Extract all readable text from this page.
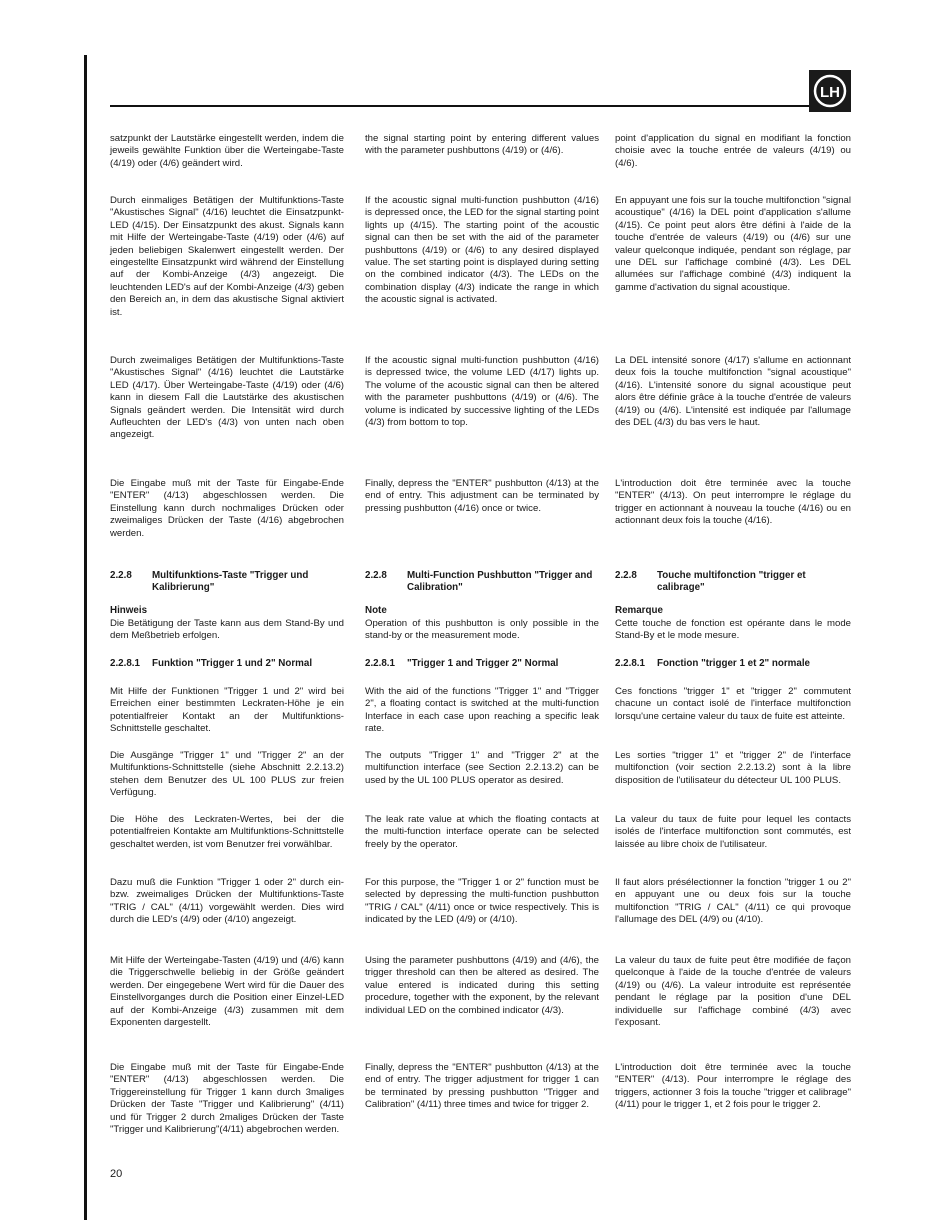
LH

satzpunkt der Lautstärke eingestellt werden, indem die jeweils gewählte Funktion über die Werteingabe-Taste (4/19) oder (4/6) geändert wird.

Durch einmaliges Betätigen der Multifunktions-Taste "Akustisches Signal" (4/16) leuchtet die Einsatzpunkt-LED (4/15). Der Einsatzpunkt des akust. Signals kann mit Hilfe der Werteingabe-Taste (4/19) oder (4/6) auf jeden beliebigen Skalenwert eingestellt werden. Der eingestellte Einsatzpunkt wird während der Einstellung auf der Kombi-Anzeige (4/3) angezeigt. Die leuchtenden LED's auf der Kombi-Anzeige (4/3) geben den Bereich an, in dem das akustische Signal aktiviert ist.

Durch zweimaliges Betätigen der Multifunktions-Taste "Akustisches Signal" (4/16) leuchtet die Lautstärke LED (4/17). Über Werteingabe-Taste (4/19) oder (4/6) kann in diesem Fall die Lautstärke des akustischen Signals geändert werden. Die Intensität wird durch Aufleuchten der LED's (4/3) von unten nach oben angezeigt.

Die Eingabe muß mit der Taste für Eingabe-Ende "ENTER" (4/13) abgeschlossen werden. Die Einstellung kann durch nochmaliges Drücken oder zweimaliges Drücken der Taste (4/16) abgebrochen werden.

2.2.8 Multifunktions-Taste "Trigger und Kalibrierung"

Hinweis

Die Betätigung der Taste kann aus dem Stand-By und dem Meßbetrieb erfolgen.

2.2.8.1 Funktion "Trigger 1 und 2" Normal

Mit Hilfe der Funktionen "Trigger 1 und 2" wird bei Erreichen einer bestimmten Leckraten-Höhe je ein potentialfreier Kontakt an der Multifunktions-Schnittstelle geschaltet.

Die Ausgänge "Trigger 1" und "Trigger 2" an der Multifunktions-Schnittstelle (siehe Abschnitt 2.2.13.2) stehen dem Benutzer des UL 100 PLUS zur freien Verfügung.

Die Höhe des Leckraten-Wertes, bei der die potentialfreien Kontakte am Multifunktions-Schnittstelle geschaltet werden, ist vom Benutzer frei vorwählbar.

Dazu muß die Funktion "Trigger 1 oder 2" durch ein- bzw. zweimaliges Drücken der Multifunktions-Taste "TRIG / CAL" (4/11) vorgewählt werden. Dies wird durch die LED's (4/9) oder (4/10) angezeigt.

Mit Hilfe der Werteingabe-Tasten (4/19) und (4/6) kann die Triggerschwelle beliebig in der Größe geändert werden. Der eingegebene Wert wird für die Dauer des Einstellvorganges durch die Position einer Einzel-LED auf der Kombi-Anzeige (4/3) zusammen mit dem Exponenten dargestellt.

Die Eingabe muß mit der Taste für Eingabe-Ende "ENTER" (4/13) abgeschlossen werden. Die Triggereinstellung für Trigger 1 kann durch 3maliges Drücken der Taste "Trigger und Kalibrierung" (4/11) und für Trigger 2 durch 2maliges Drücken der Taste "Trigger und Kalibrierung"(4/11) abgebrochen werden.

the signal starting point by entering different values with the parameter pushbuttons (4/19) or (4/6).

If the acoustic signal multi-function pushbutton (4/16) is depressed once, the LED for the signal starting point lights up (4/15). The starting point of the acoustic signal can then be set with the aid of the parameter pushbuttons (4/19) or (4/6) to any desired displayed value. The set starting point is displayed during setting on the combined indicator (4/3). The LEDs on the combination display (4/3) indicate the range in which the acoustic signal is activated.

If the acoustic signal multi-function pushbutton (4/16) is depressed twice, the volume LED (4/17) lights up. The volume of the acoustic signal can then be altered with the parameter pushbuttons (4/19) or (4/6). The volume is indicated by successive lighting of the LEDs (4/3) from bottom to top.

Finally, depress the "ENTER" pushbutton (4/13) at the end of entry. This adjustment can be terminated by pressing pushbutton (4/16) once or twice.

2.2.8 Multi-Function Pushbutton "Trigger and Calibration"

Note

Operation of this pushbutton is only possible in the stand-by or the measurement mode.

2.2.8.1 "Trigger 1 and Trigger 2" Normal

With the aid of the functions "Trigger 1" and "Trigger 2", a floating contact is switched at the multi-function Interface in each case upon reaching a specific leak rate.

The outputs "Trigger 1" and "Trigger 2" at the multifunction interface (see Section 2.2.13.2) can be used by the UL 100 PLUS operator as desired.

The leak rate value at which the floating contacts at the multi-function interface operate can be selected freely by the operator.

For this purpose, the "Trigger 1 or 2" function must be selected by depressing the multi-function pushbutton "TRIG / CAL" (4/11) once or twice respectively. This is indicated by the LED (4/9) or (4/10).

Using the parameter pushbuttons (4/19) and (4/6), the trigger threshold can then be altered as desired. The value entered is indicated during this setting procedure, together with the exponent, by the relevant individual LED on the combined indicator (4/3).

Finally, depress the "ENTER" pushbutton (4/13) at the end of entry. The trigger adjustment for trigger 1 can be terminated by pressing pushbutton "Trigger and Calibration" (4/11) three times and twice for trigger 2.

point d'application du signal en modifiant la fonction choisie avec la touche entrée de valeurs (4/19) ou (4/6).

En appuyant une fois sur la touche multifonction "signal acoustique" (4/16) la DEL point d'application s'allume (4/15). Ce point peut alors être défini à l'aide de la touche d'entrée de valeurs (4/19) ou (4/6) sur une valeur quelconque indiquée, pendant son réglage, par une DEL sur l'affichage combiné (4/3). Les DEL allumées sur l'affichage combiné (4/3) indiquent la gamme d'activation du signal acoustique.

La DEL intensité sonore (4/17) s'allume en actionnant deux fois la touche multifonction "signal acoustique" (4/16). L'intensité sonore du signal acoustique peut alors être définie grâce à la touche d'entrée de valeurs (4/19) ou (4/6). L'intensité est indiquée par l'allumage des DEL (4/3) du bas vers le haut.

L'introduction doit être terminée avec la touche "ENTER" (4/13). On peut interrompre le réglage du trigger en actionnant à nouveau la touche (4/16) ou en actionnant deux fois la touche (4/16).

2.2.8 Touche multifonction "trigger et calibrage"

Remarque

Cette touche de fonction est opérante dans le mode Stand-By et le mode mesure.

2.2.8.1 Fonction "trigger 1 et 2" normale

Ces fonctions "trigger 1" et "trigger 2" commutent chacune un contact isolé de l'interface multifonction lorsqu'une certaine valeur du taux de fuite est atteinte.

Les sorties "trigger 1" et "trigger 2" de l'interface multifonction (voir section 2.2.13.2) sont à la libre disposition de l'utilisateur du détecteur UL 100 PLUS.

La valeur du taux de fuite pour lequel les contacts isolés de l'interface multifonction sont commutés, est laissée au libre choix de l'utilisateur.

Il faut alors présélectionner la fonction "trigger 1 ou 2" en appuyant une ou deux fois sur la touche multifonction "TRIG / CAL" (4/11) ce qui provoque l'allumage des DEL (4/9) ou (4/10).

La valeur du taux de fuite peut être modifiée de façon quelconque à l'aide de la touche d'entrée de valeurs (4/19) ou (4/6). La valeur introduite est représentée pendant le réglage par la position d'une DEL individuelle sur l'affichage combiné (4/3) avec l'exposant.

L'introduction doit être terminée avec la touche "ENTER" (4/13). Pour interrompre le réglage des triggers, actionner 3 fois la touche "trigger et calibrage" (4/11) pour le trigger 1, et 2 fois pour le trigger 2.

20
